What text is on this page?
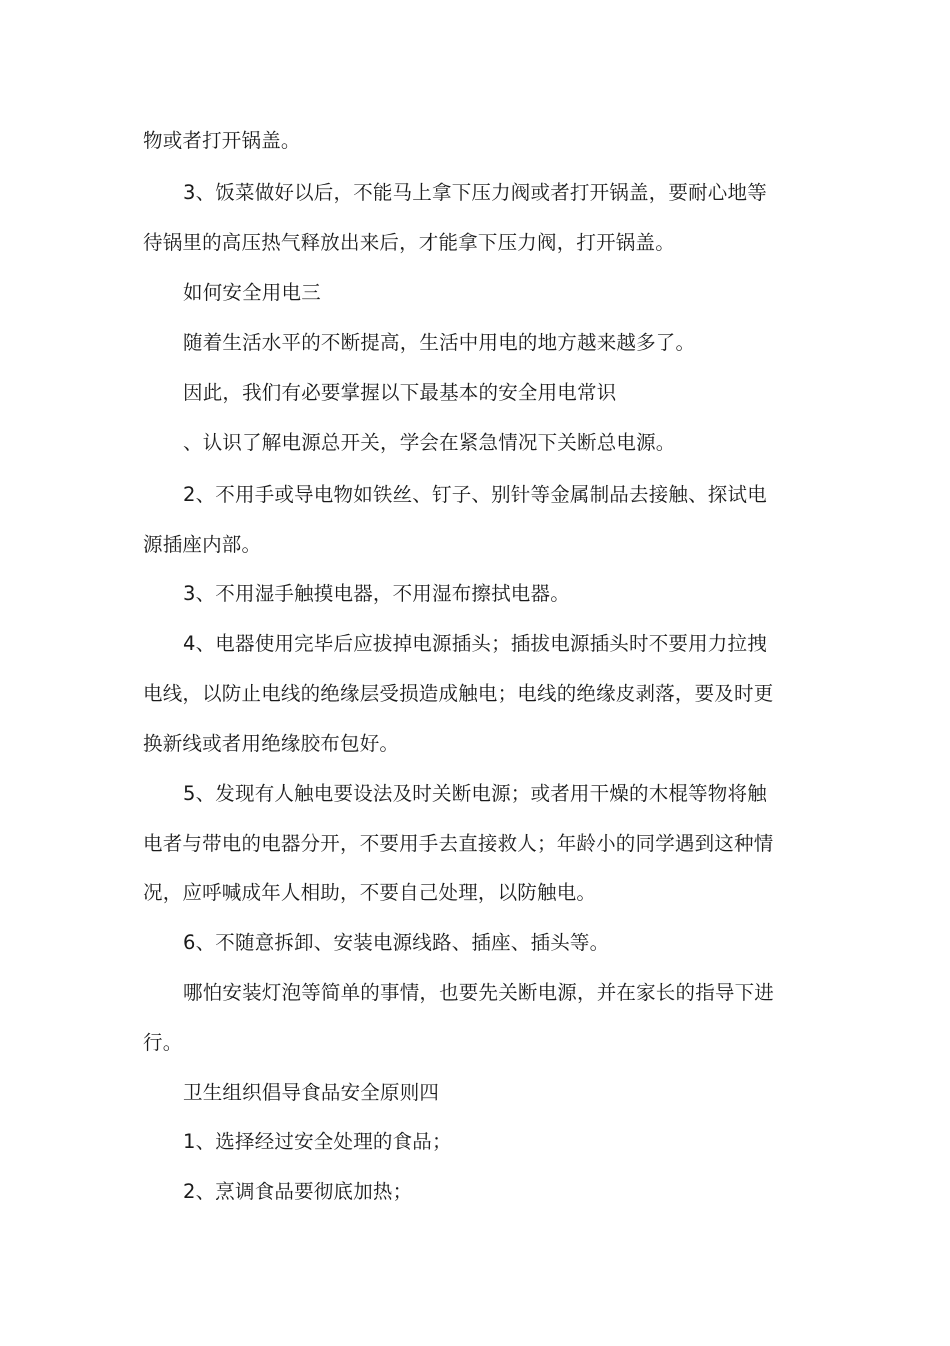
物或者打开锅盖。
3、饭菜做好以后，不能马上拿下压力阀或者打开锅盖，要耐心地等
待锅里的高压热气释放出来后，才能拿下压力阀，打开锅盖。
如何安全用电三
随着生活水平的不断提高，生活中用电的地方越来越多了。
因此，我们有必要掌握以下最基本的安全用电常识
、认识了解电源总开关，学会在紧急情况下关断总电源。
2、不用手或导电物如铁丝、钉子、别针等金属制品去接触、探试电
源插座内部。
3、不用湿手触摸电器，不用湿布擦拭电器。
4、电器使用完毕后应拔掉电源插头；插拔电源插头时不要用力拉拽
电线，以防止电线的绝缘层受损造成触电；电线的绝缘皮剥落，要及时更
换新线或者用绝缘胶布包好。
5、发现有人触电要设法及时关断电源；或者用干燥的木棍等物将触
电者与带电的电器分开，不要用手去直接救人；年龄小的同学遇到这种情
况，应呼喊成年人相助，不要自己处理，以防触电。
6、不随意拆卸、安装电源线路、插座、插头等。
哪怕安装灯泡等简单的事情，也要先关断电源，并在家长的指导下进
行。
卫生组织倡导食品安全原则四
1、选择经过安全处理的食品；
2、烹调食品要彻底加热；
